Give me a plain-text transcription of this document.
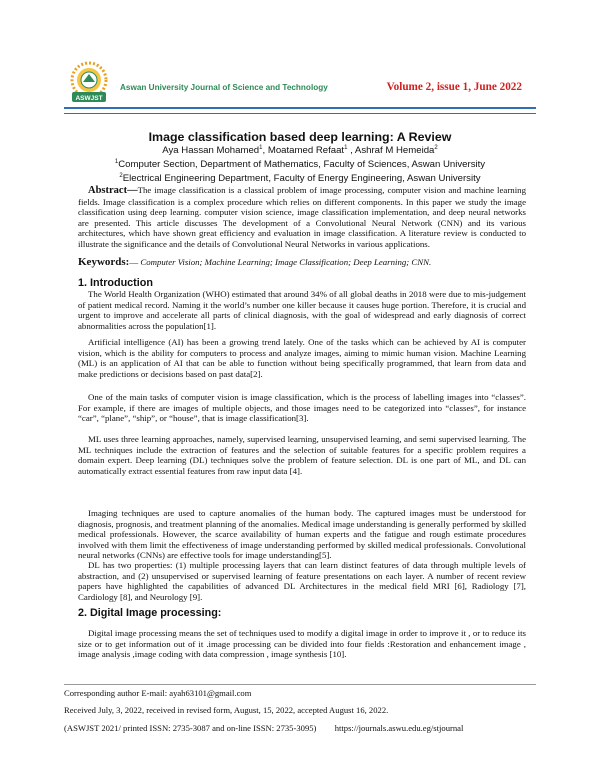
ASWJST
Aswan University Journal of Science and Technology	Volume 2, issue 1, June 2022
Image classification based deep learning: A Review
Aya Hassan Mohamed$^1$, Moatamed Refaat$^1$ , Ashraf M Hemeida$^2$
$^1$Computer Section, Department of Mathematics, Faculty of Sciences, Aswan University
$^2$Electrical Engineering Department, Faculty of Energy Engineering, Aswan University
Abstract—The image classification is a classical problem of image processing, computer vision and machine learning fields. Image classification is a complex procedure which relies on different components. In this paper we study the image classification using deep learning. computer vision science, image classification implementation, and deep neural networks are presented. This article discusses The development of a Convolutional Neural Network (CNN) and its various architectures, which have shown great efficiency and evaluation in image classification. A literature review is conducted to illustrate the significance and the details of Convolutional Neural Networks in various applications.
Keywords:— Computer Vision; Machine Learning; Image Classification; Deep Learning; CNN.
1. Introduction
The World Health Organization (WHO) estimated that around 34% of all global deaths in 2018 were due to mis-judgement of patient medical record. Naming it the world’s number one killer because it causes huge portion. Therefore, it is crucial and urgent to improve and accelerate all parts of clinical diagnosis, with the goal of widespread and early diagnosis of correct abnormalities across the population[1].
Artificial intelligence (AI) has been a growing trend lately. One of the tasks which can be achieved by AI is computer vision, which is the ability for computers to process and analyze images, aiming to mimic human vision. Machine Learning (ML) is an application of AI that can be able to function without being specifically programmed, that learn from data and make predictions or decisions based on past data[2].
One of the main tasks of computer vision is image classification, which is the process of labelling images into “classes”. For example, if there are images of multiple objects, and those images need to be categorized into “classes”, for instance “car”, “plane”, “ship”, or “house”, that is image classification[3].
ML uses three learning approaches, namely, supervised learning, unsupervised learning, and semi supervised learning. The ML techniques include the extraction of features and the selection of suitable features for a specific problem requires a domain expert. Deep learning (DL) techniques solve the problem of feature selection. DL is one part of ML, and DL can automatically extract essential features from raw input data [4].
Imaging techniques are used to capture anomalies of the human body. The captured images must be understood for diagnosis, prognosis, and treatment planning of the anomalies. Medical image understanding is generally performed by skilled medical professionals. However, the scarce availability of human experts and the fatigue and rough estimate procedures involved with them limit the effectiveness of image understanding performed by skilled medical professionals. Convolutional neural networks (CNNs) are effective tools for image understanding[5].
DL has two properties: (1) multiple processing layers that can learn distinct features of data through multiple levels of abstraction, and (2) unsupervised or supervised learning of feature presentations on each layer. A number of recent review papers have highlighted the capabilities of advanced DL Architectures in the medical field MRI [6], Radiology [7], Cardiology [8], and Neurology [9].
2. Digital Image processing:
Digital image processing means the set of techniques used to modify a digital image in order to improve it , or to reduce its size or to get information out of it .image processing can be divided into four fields :Restoration and enhancement image , image analysis ,image coding with data compression , image synthesis [10].
Corresponding author E-mail: ayah63101@gmail.com
Received July, 3, 2022, received in revised form, August, 15, 2022, accepted August 16, 2022.
(ASWJST 2021/ printed ISSN: 2735-3087 and on-line ISSN: 2735-3095) https://journals.aswu.edu.eg/stjournal
